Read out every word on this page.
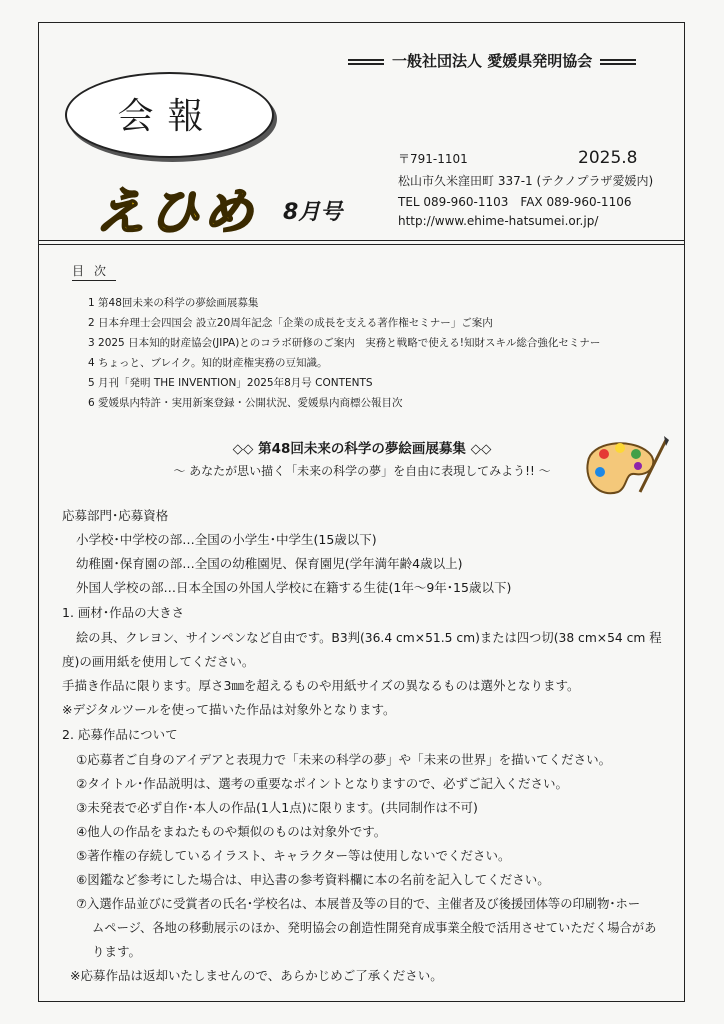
一般社団法人 愛媛県発明協会
会報
えひめ 8月号
〒791-1101	2025.8
松山市久米窪田町 337-1 (テクノプラザ愛媛内)
TEL 089-960-1103　FAX 089-960-1106
http://www.ehime-hatsumei.or.jp/
目次
1 第48回未来の科学の夢絵画展募集
2 日本弁理士会四国会 設立20周年記念「企業の成長を支える著作権セミナー」ご案内
3 2025 日本知的財産協会(JIPA)とのコラボ研修のご案内　実務と戦略で使える!知財スキル総合強化セミナー
4 ちょっと、ブレイク。知的財産権実務の豆知識。
5 月刊「発明 THE INVENTION」2025年8月号 CONTENTS
6 愛媛県内特許・実用新案登録・公開状況、愛媛県内商標公報目次
◇◇ 第48回未来の科学の夢絵画展募集 ◇◇
～ あなたが思い描く「未来の科学の夢」を自由に表現してみよう!! ～
応募部門･応募資格
小学校･中学校の部…全国の小学生･中学生(15歳以下)
幼稚園･保育園の部…全国の幼稚園児、保育園児(学年満年齢4歳以上)
外国人学校の部…日本全国の外国人学校に在籍する生徒(1年～9年･15歳以下)
1. 画材･作品の大きさ
絵の具、クレヨン、サインペンなど自由です。B3判(36.4 cm×51.5 cm)または四つ切(38 cm×54 cm 程
度)の画用紙を使用してください。
手描き作品に限ります。厚さ3㎜を超えるものや用紙サイズの異なるものは選外となります。
※デジタルツールを使って描いた作品は対象外となります。
2. 応募作品について
①応募者ご自身のアイデアと表現力で「未来の科学の夢」や「未来の世界」を描いてください。
②タイトル･作品説明は、選考の重要なポイントとなりますので、必ずご記入ください。
③未発表で必ず自作･本人の作品(1人1点)に限ります。(共同制作は不可)
④他人の作品をまねたものや類似のものは対象外です。
⑤著作権の存続しているイラスト、キャラクター等は使用しないでください。
⑥図鑑など参考にした場合は、申込書の参考資料欄に本の名前を記入してください。
⑦入選作品並びに受賞者の氏名･学校名は、本展普及等の目的で、主催者及び後援団体等の印刷物･ホー
ムページ、各地の移動展示のほか、発明協会の創造性開発育成事業全般で活用させていただく場合があ
ります。
※応募作品は返却いたしませんので、あらかじめご了承ください。
